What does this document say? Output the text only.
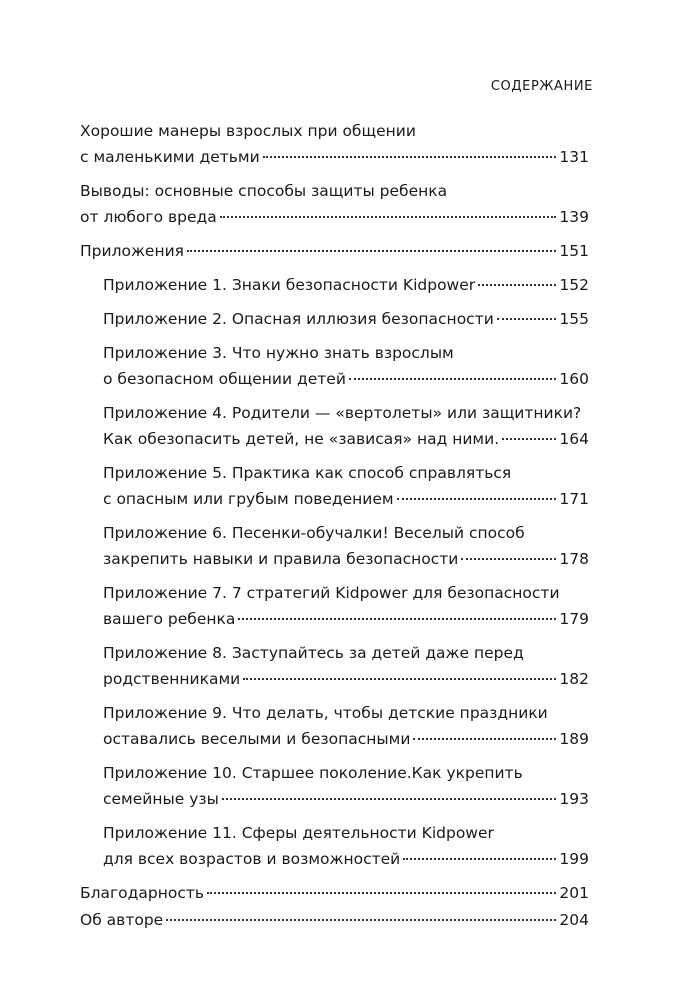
СОДЕРЖАНИЕ
Хорошие манеры взрослых при общении
с маленькими детьми	131
Выводы: основные способы защиты ребенка
от любого вреда	139
Приложения	151
Приложение 1. Знаки безопасности Kidpower	152
Приложение 2. Опасная иллюзия безопасности	155
Приложение 3. Что нужно знать взрослым
о безопасном общении детей	160
Приложение 4. Родители — «вертолеты» или защитники?
Как обезопасить детей, не «зависая» над ними.	164
Приложение 5. Практика как способ справляться
с опасным или грубым поведением	171
Приложение 6. Песенки-обучалки! Веселый способ
закрепить навыки и правила безопасности	178
Приложение 7. 7 стратегий Kidpower для безопасности
вашего ребенка	179
Приложение 8. Заступайтесь за детей даже перед
родственниками	182
Приложение 9. Что делать, чтобы детские праздники
оставались веселыми и безопасными	189
Приложение 10. Старшее поколение.Как укрепить
семейные узы	193
Приложение 11. Сферы деятельности Kidpower
для всех возрастов и возможностей	199
Благодарность	201
Об авторе	204
